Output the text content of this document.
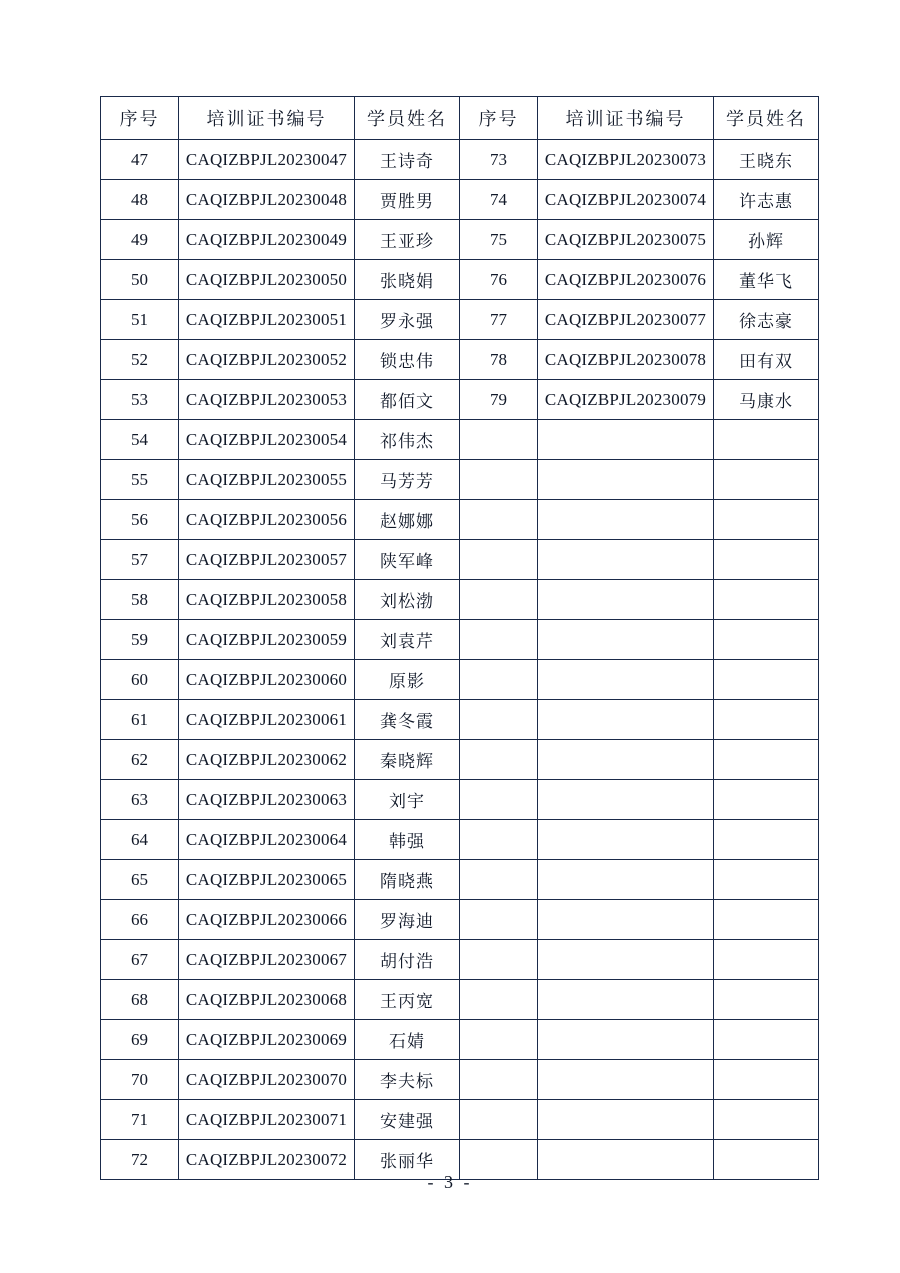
序号	培训证书编号	学员姓名	序号	培训证书编号	学员姓名
47	CAQIZBPJL20230047	王诗奇	73	CAQIZBPJL20230073	王晓东
48	CAQIZBPJL20230048	贾胜男	74	CAQIZBPJL20230074	许志惠
49	CAQIZBPJL20230049	王亚珍	75	CAQIZBPJL20230075	孙辉
50	CAQIZBPJL20230050	张晓娟	76	CAQIZBPJL20230076	董华飞
51	CAQIZBPJL20230051	罗永强	77	CAQIZBPJL20230077	徐志豪
52	CAQIZBPJL20230052	锁忠伟	78	CAQIZBPJL20230078	田有双
53	CAQIZBPJL20230053	都佰文	79	CAQIZBPJL20230079	马康水
54	CAQIZBPJL20230054	祁伟杰			
55	CAQIZBPJL20230055	马芳芳			
56	CAQIZBPJL20230056	赵娜娜			
57	CAQIZBPJL20230057	陕军峰			
58	CAQIZBPJL20230058	刘松渤			
59	CAQIZBPJL20230059	刘袁芹			
60	CAQIZBPJL20230060	原影			
61	CAQIZBPJL20230061	龚冬霞			
62	CAQIZBPJL20230062	秦晓辉			
63	CAQIZBPJL20230063	刘宇			
64	CAQIZBPJL20230064	韩强			
65	CAQIZBPJL20230065	隋晓燕			
66	CAQIZBPJL20230066	罗海迪			
67	CAQIZBPJL20230067	胡付浩			
68	CAQIZBPJL20230068	王丙宽			
69	CAQIZBPJL20230069	石婧			
70	CAQIZBPJL20230070	李夫标			
71	CAQIZBPJL20230071	安建强			
72	CAQIZBPJL20230072	张丽华			
- 3 -
